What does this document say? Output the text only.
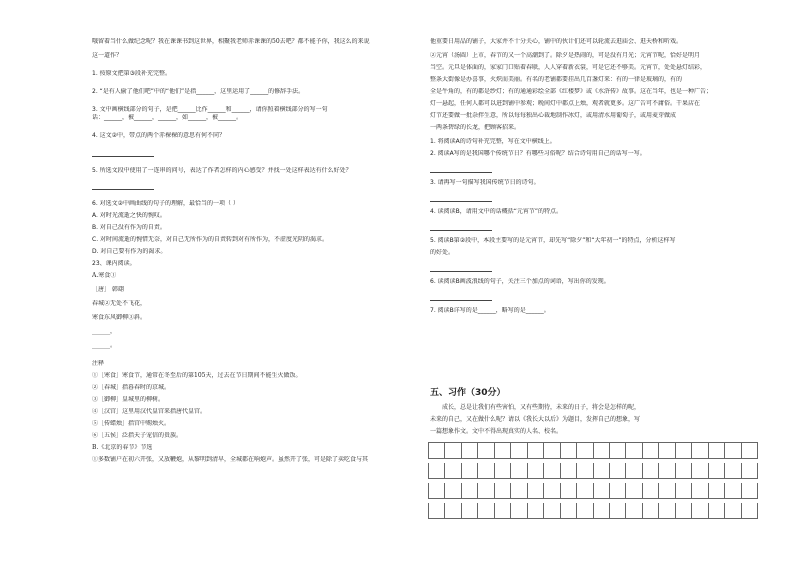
哦留着当什么做纪念呢？我在课课书到这世界，相聚我老师赤课课的50去吧？都不能予你，我这么的来说
这一道作？
1. 按原文把第③段补充完整。
2. “是有人偷了他们吧”中的“他们”是指______，这里运用了______的修辞手法。
3. 文中画横线部分的句子，是把______比作______和______，请你照着横线部分的写一句
话：______，被______，______，如______，被______。
4. 这文②中，带点的两个赤裸裸的意思有何不同？
5. 所选文段中使用了一连串的问号，表达了作者怎样的内心感受？并找一处这样表达有什么好处？
6. 对选文②中画曲线的句子的理解，最恰当的一项（ ）
A. 对时光流逝之快的惋叹。
B. 对自己没有作为的自责。
C. 对时间流逝的惋惜无奈，对自己无所作为的自责转到对有所作为，不虚度光阴的渴求。
D. 对自己要有作为的渴求。
23、课内阅读。
A.寒食①
［唐］ 韩翃
春城②无处不飞花，
寒食东风御柳③斜。
______，
______。
注释
①［寒食］寒食节，通常在冬至后的第105天，过去在节日期间不能生火做饭。
②［春城］指暮春时的京城。
③［御柳］皇城里的柳树。
④［汉宫］这里用汉代皇宫来指唐代皇宫。
⑤［传蜡烛］指宫中赐烛火。
⑥［五侯］泛指天子宠信的贵族。
B.《北京的春节》节选
①多数铺户在初六开张，又放鞭炮，从黎明到清早，全城都在响炮声。虽然开了张，可是除了卖吃食与其
他重要日用品的铺子，大家并不十分关心，铺中的伙计们还可以轮流去逛庙会、逛天桥和听戏。
②元宵（汤圆）上市，春节的又一个高潮到了。除夕是热闹的，可是没有月光；元宵节呢，恰好是明月
当空。元旦是体面的，家家门口贴着春联，人人穿着新衣裳，可是它还不够美。元宵节，处处悬灯结彩，
整条大街像是办喜事，火炽而美丽。有名的老铺都要挂出几百盏灯来：有的一律是玻璃的，有的
全是牛角的，有的都是纱灯；有的通通彩绘全部《红楼梦》或《水浒传》故事。这在当年，也是一种广告；
灯一悬起，任何人都可以进到铺中参观；晚间灯中都点上烛，观者就更多。这广告可不庸俗。干果店在
灯节还要做一批杂拌生意，所以每每独出心裁地制作冰灯，或用清水用葡萄子，或用麦芽做成
一两条碧绿的长龙，把顾客招来。
1. 将阅读A的诗句补充完整，写在文中横线上。
2. 阅读A写的是我国哪个传统节日？有哪些习俗呢？结合诗句用自己的话写一写。
3. 请再写一句描写我国传统节日的诗句。
4. 读阅读B，请用文中的话概括“元宵节”的特点。
5. 阅读B第②段中，本段主要写的是元宵节，却先写“除夕”和“大年初一”的特点，分析这样写
的好处。
6. 读阅读B画波浪线的句子，关注三个加点的词语，写出你的发现。
7. 阅读B详写的是______，略写的是______。
五、习作（30分）
成长，总是让我们有些害怕，又有些期待，未来的日子，将会是怎样的呢，
未来的自己，又在做什么呢？请以《我长大以后》为题目，发挥自己的想象，写
一篇想象作文。文中不得出现真实的人名、校名。
